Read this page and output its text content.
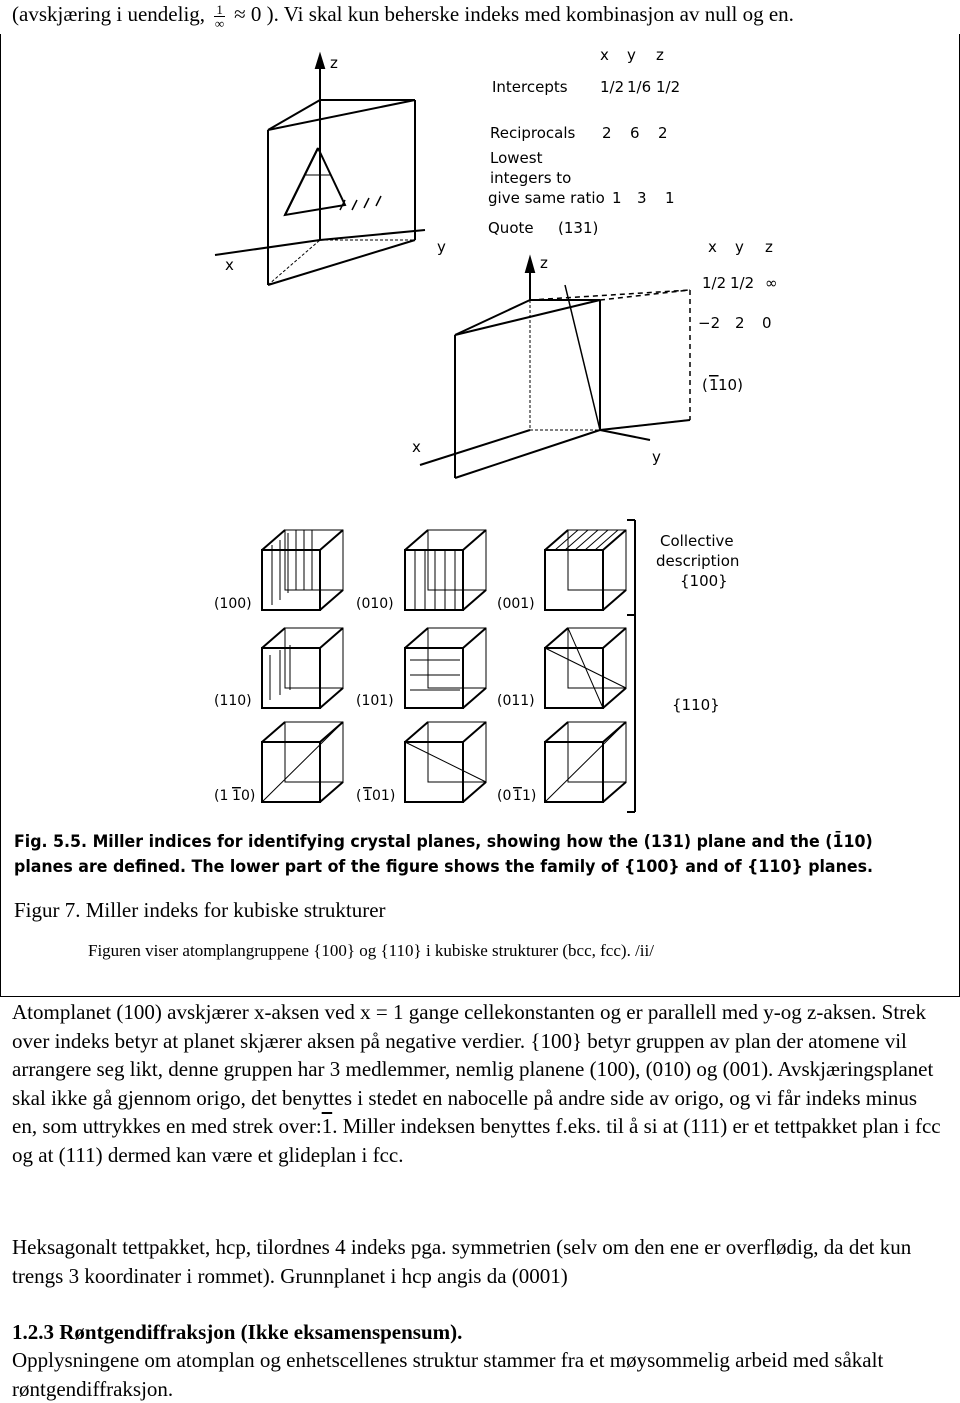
(avskjæring i uendelig, $\frac{1}{\infty} \approx 0$ ). Vi skal kun beherske indeks med kombinasjon av null og en.
z
x
y
z
x
y
x y z
Intercepts 1/2 1/6 1/2
Reciprocals 2 6 2
Lowest
integers to
give same ratio 1 3 1
Quote (131)
x y z
1/2 1/2 ∞
−2 2 0
( 1 10)
Collective
description
{100}
{110}
(100)	(010)	(001)
(110)	(101)	(011)
(1 1 0)	( 1 01)	(0 1 1)
Fig. 5.5. Miller indices for identifying crystal planes, showing how the (131) plane and the (1̄10) planes are defined. The lower part of the figure shows the family of {100} and of {110} planes.
Figur 7. Miller indeks for kubiske strukturer
Figuren viser atomplangruppene {100} og {110} i kubiske strukturer (bcc, fcc). /ii/
Atomplanet (100) avskjærer x-aksen ved x = 1 gange cellekonstanten og er parallell med y-og z-aksen. Strek over indeks betyr at planet skjærer aksen på negative verdier. {100} betyr gruppen av plan der atomene vil arrangere seg likt, denne gruppen har 3 medlemmer, nemlig planene (100), (010) og (001). Avskjæringsplanet skal ikke gå gjennom origo, det benyttes i stedet en nabocelle på andre side av origo, og vi får indeks minus en, som uttrykkes en med strek over:1. Miller indeksen benyttes f.eks. til å si at (111) er et tettpakket plan i fcc og at (111) dermed kan være et glideplan i fcc.
Heksagonalt tettpakket, hcp, tilordnes 4 indeks pga. symmetrien (selv om den ene er overflødig, da det kun trengs 3 koordinater i rommet). Grunnplanet i hcp angis da (0001)
1.2.3 Røntgendiffraksjon (Ikke eksamenspensum).
Opplysningene om atomplan og enhetscellenes struktur stammer fra et møysommelig arbeid med såkalt røntgendiffraksjon.
